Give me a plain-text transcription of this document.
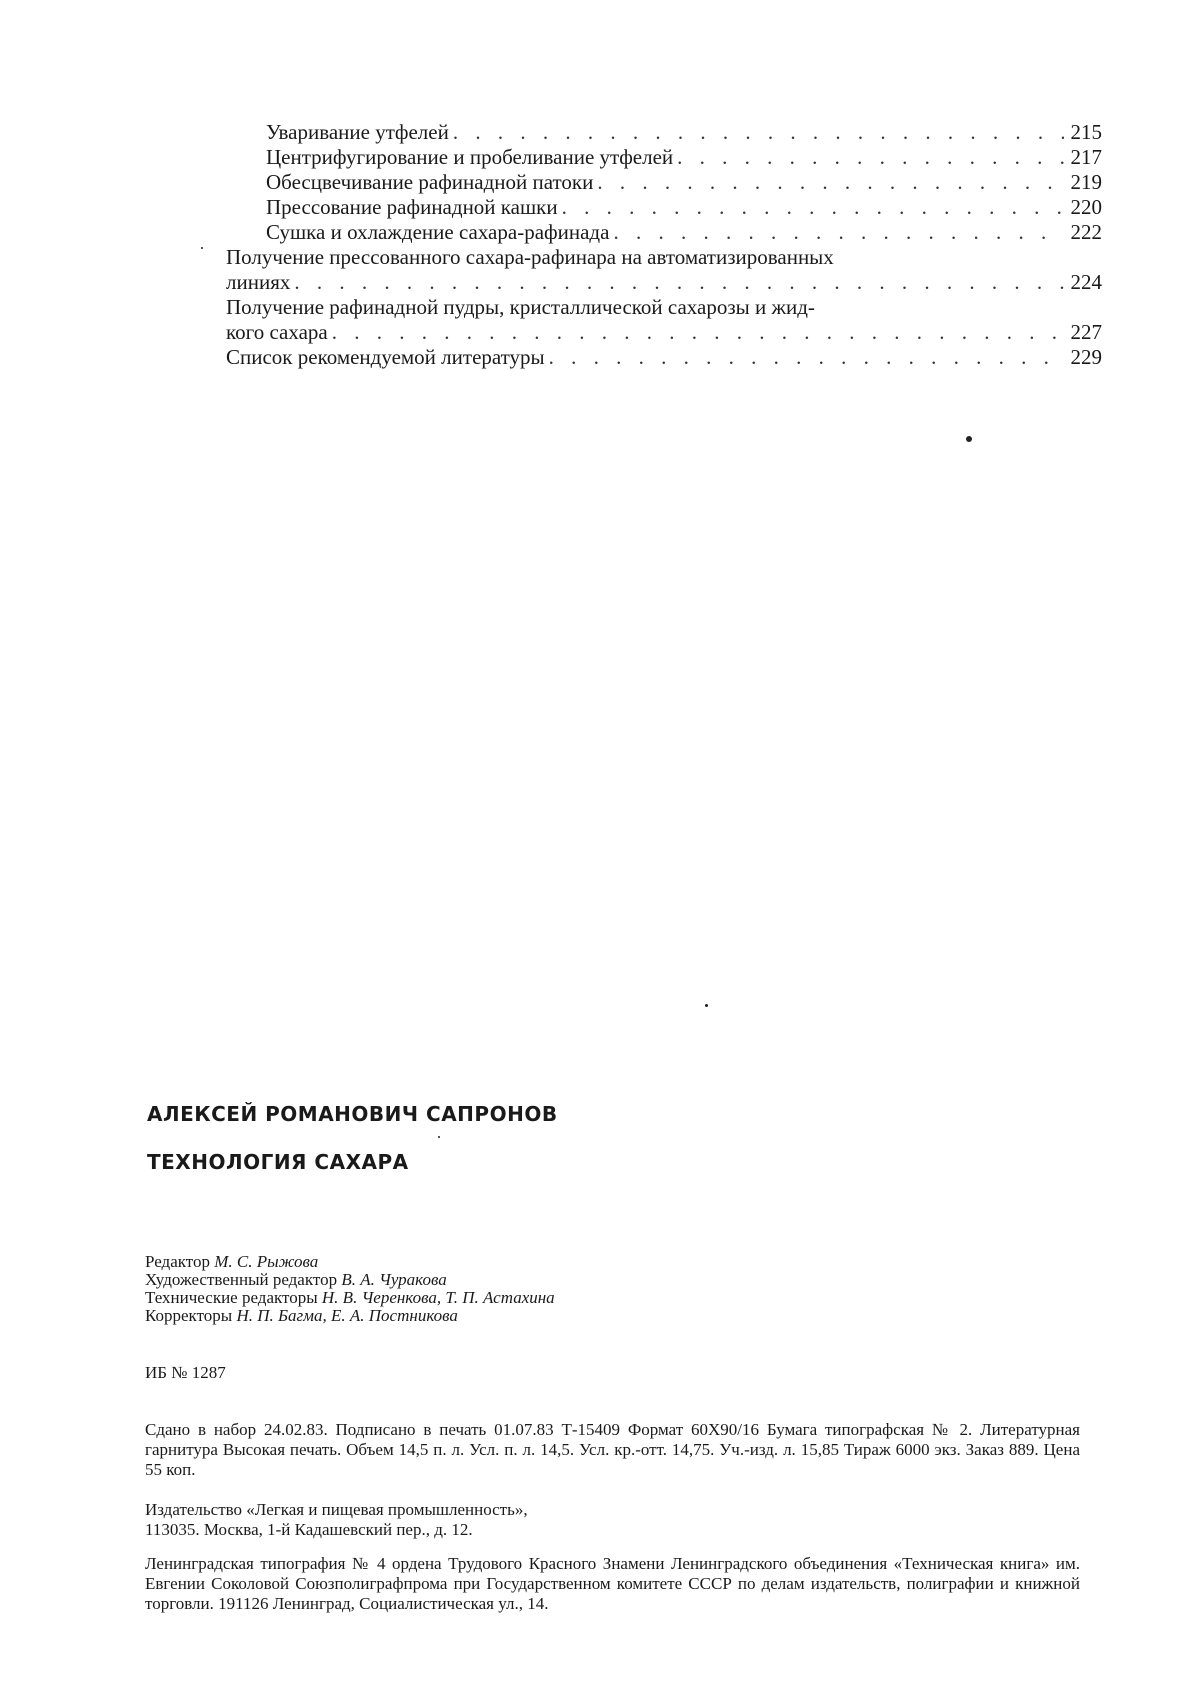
Уваривание утфелей . . .	215
Центрифугирование и пробеливание утфелей . . .	217
Обесцвечивание рафинадной патоки . . .	219
Прессование рафинадной кашки . . .	220
Сушка и охлаждение сахара-рафинада . . .	222
Получение прессованного сахара-рафинара на автоматизированных
линиях . . .	224
Получение рафинадной пудры, кристаллической сахарозы и жид-
кого сахара . . .	227
Список рекомендуемой литературы . . .	229
АЛЕКСЕЙ РОМАНОВИЧ САПРОНОВ
ТЕХНОЛОГИЯ САХАРА
Редактор М. С. Рыжова
Художественный редактор В. А. Чуракова
Технические редакторы Н. В. Черенкова, Т. П. Астахина
Корректоры Н. П. Багма, Е. А. Постникова
ИБ № 1287
Сдано в набор 24.02.83. Подписано в печать 01.07.83 Т-15409 Формат 60X90/16 Бумага типографская № 2. Литературная гарнитура Высокая печать. Объем 14,5 п. л. Усл. п. л. 14,5. Усл. кр.-отт. 14,75. Уч.-изд. л. 15,85 Тираж 6000 экз. Заказ 889. Цена 55 коп.
Издательство «Легкая и пищевая промышленность»,
113035. Москва, 1-й Кадашевский пер., д. 12.
Ленинградская типография № 4 ордена Трудового Красного Знамени Ленинградского объединения «Техническая книга» им. Евгении Соколовой Союзполиграфпрома при Государственном комитете СССР по делам издательств, полиграфии и книжной торговли. 191126 Ленинград, Социалистическая ул., 14.
